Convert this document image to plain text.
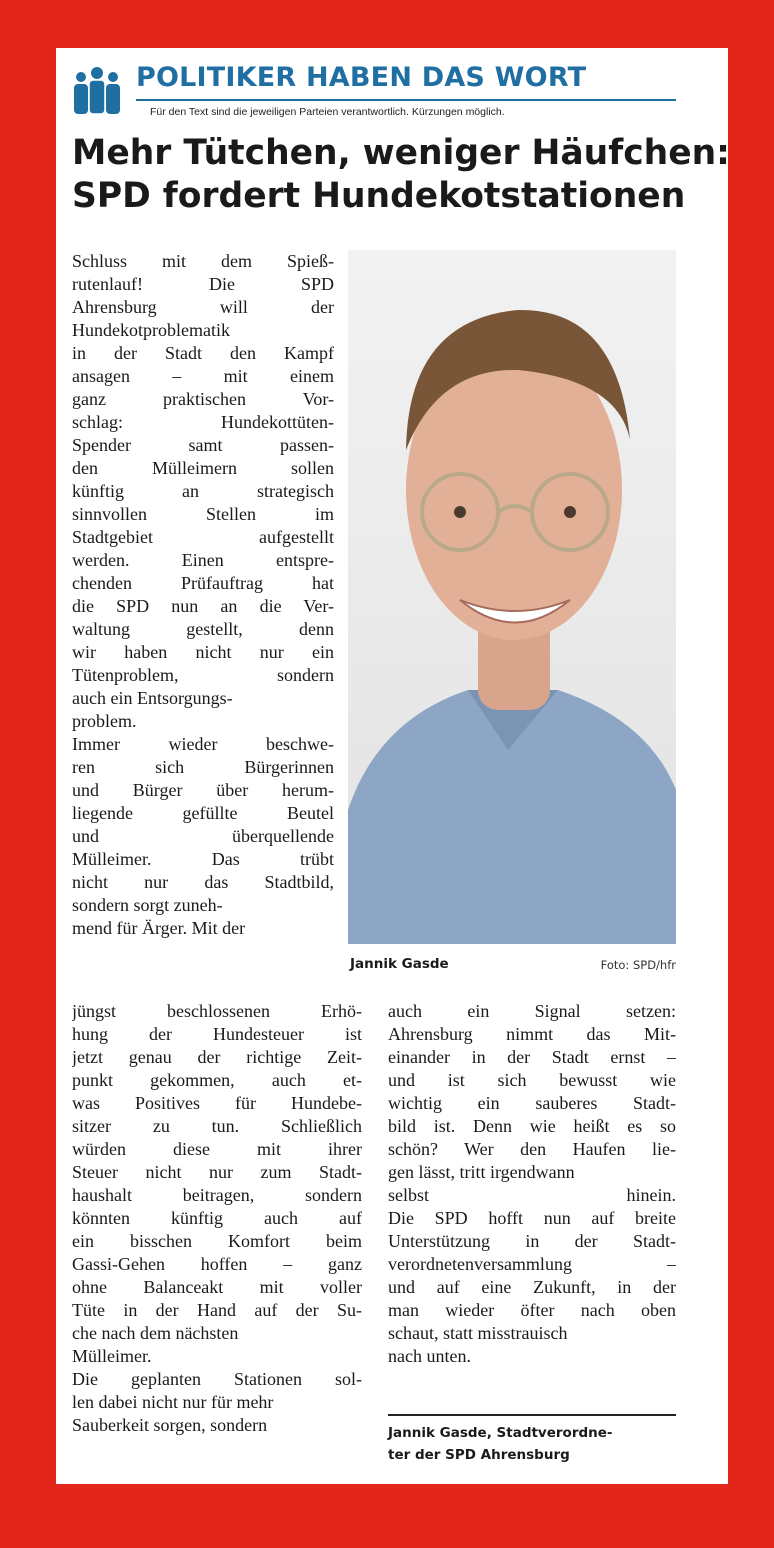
POLITIKER HABEN DAS WORT
Für den Text sind die jeweiligen Parteien verantwortlich. Kürzungen möglich.
Mehr Tütchen, weniger Häufchen:
SPD fordert Hundekotstationen
Schluss mit dem Spieß-
rutenlauf! Die SPD
Ahrensburg will der
Hundekotproblematik
in der Stadt den Kampf
ansagen – mit einem
ganz praktischen Vor-
schlag: Hundekottüten-
Spender samt passen-
den Mülleimern sollen
künftig an strategisch
sinnvollen Stellen im
Stadtgebiet aufgestellt
werden. Einen entspre-
chenden Prüfauftrag hat
die SPD nun an die Ver-
waltung gestellt, denn
wir haben nicht nur ein
Tütenproblem, sondern
auch ein Entsorgungs-
problem.
Immer wieder beschwe-
ren sich Bürgerinnen
und Bürger über herum-
liegende gefüllte Beutel
und überquellende
Mülleimer. Das trübt
nicht nur das Stadtbild,
sondern sorgt zuneh-
mend für Ärger. Mit der
jüngst beschlossenen Erhö-
hung der Hundesteuer ist
jetzt genau der richtige Zeit-
punkt gekommen, auch et-
was Positives für Hundebe-
sitzer zu tun. Schließlich
würden diese mit ihrer
Steuer nicht nur zum Stadt-
haushalt beitragen, sondern
könnten künftig auch auf
ein bisschen Komfort beim
Gassi-Gehen hoffen – ganz
ohne Balanceakt mit voller
Tüte in der Hand auf der Su-
che nach dem nächsten
Mülleimer.
Die geplanten Stationen sol-
len dabei nicht nur für mehr
Sauberkeit sorgen, sondern
auch ein Signal setzen:
Ahrensburg nimmt das Mit-
einander in der Stadt ernst –
und ist sich bewusst wie
wichtig ein sauberes Stadt-
bild ist. Denn wie heißt es so
schön? Wer den Haufen lie-
gen lässt, tritt irgendwann
selbst hinein.
Die SPD hofft nun auf breite
Unterstützung in der Stadt-
verordnetenversammlung –
und auf eine Zukunft, in der
man wieder öfter nach oben
schaut, statt misstrauisch
nach unten.
Jannik Gasde	Foto: SPD/hfr
Jannik Gasde, Stadtverordne-
ter der SPD Ahrensburg
